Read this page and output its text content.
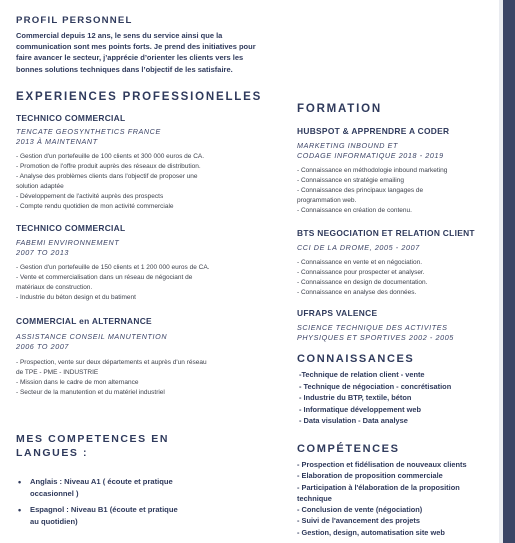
PROFIL PERSONNEL
Commercial depuis 12 ans, le sens du service ainsi que la
communication sont mes points forts. Je prend des initiatives pour
faire avancer le secteur, j’apprécie d’orienter les clients vers les
bonnes solutions techniques dans l’objectif de les satisfaire.
EXPERIENCES PROFESSIONELLES
TECHNICO COMMERCIAL
TENCATE GEOSYNTHETICS FRANCE
2013 À MAINTENANT
- Gestion d'un portefeuille de 100 clients et 300 000 euros de CA.
- Promotion de l'offre produit auprès des réseaux de distribution.
- Analyse des problèmes clients dans l'objectif de proposer une
solution adaptée
- Développement de l'activité auprès des prospects
- Compte rendu quotidien de mon activité commerciale
TECHNICO COMMERCIAL
FABEMI ENVIRONNEMENT
2007 TO 2013
- Gestion d'un portefeuille de 150 clients et 1 200 000 euros de CA.
- Vente et commercialisation dans un réseau de négociant de
matériaux de construction.
- Industrie du béton design et du batiment
COMMERCIAL en ALTERNANCE
ASSISTANCE CONSEIL MANUTENTION
2006 TO 2007
- Prospection, vente sur deux départements et auprès d'un réseau
de TPE - PME - INDUSTRIE
- Mission dans le cadre de mon alternance
- Secteur de la manutention et du matériel industriel
MES COMPETENCES EN
LANGUES :
• Anglais : Niveau A1 ( écoute et pratique
occasionnel )
• Espagnol : Niveau B1 (écoute et pratique
au quotidien)
FORMATION
HUBSPOT & APPRENDRE A CODER
MARKETING INBOUND ET
CODAGE INFORMATIQUE 2018 - 2019
- Connaissance en méthodologie inbound marketing
- Connaissance en stratégie emailing
- Connaissance des principaux langages de
programmation web.
- Connaissance en création de contenu.
BTS NEGOCIATION ET RELATION CLIENT
CCI DE LA DROME, 2005 - 2007
- Connaissance en vente et en négociation.
- Connaissance pour prospecter et analyser.
- Connaissance en design de documentation.
- Connaissance en analyse des données.
UFRAPS VALENCE
SCIENCE TECHNIQUE DES ACTIVITES
PHYSIQUES ET SPORTIVES 2002 - 2005
CONNAISSANCES
-Technique de relation client - vente
- Technique de négociation - concrétisation
- Industrie du BTP, textile, béton
- Informatique développement web
- Data visulation - Data analyse
COMPÉTENCES
- Prospection et fidélisation de nouveaux clients
- Elaboration de proposition commerciale
- Participation à l'élaboration de la proposition
technique
- Conclusion de vente (négociation)
- Suivi de l'avancement des projets
- Gestion, design, automatisation site web
